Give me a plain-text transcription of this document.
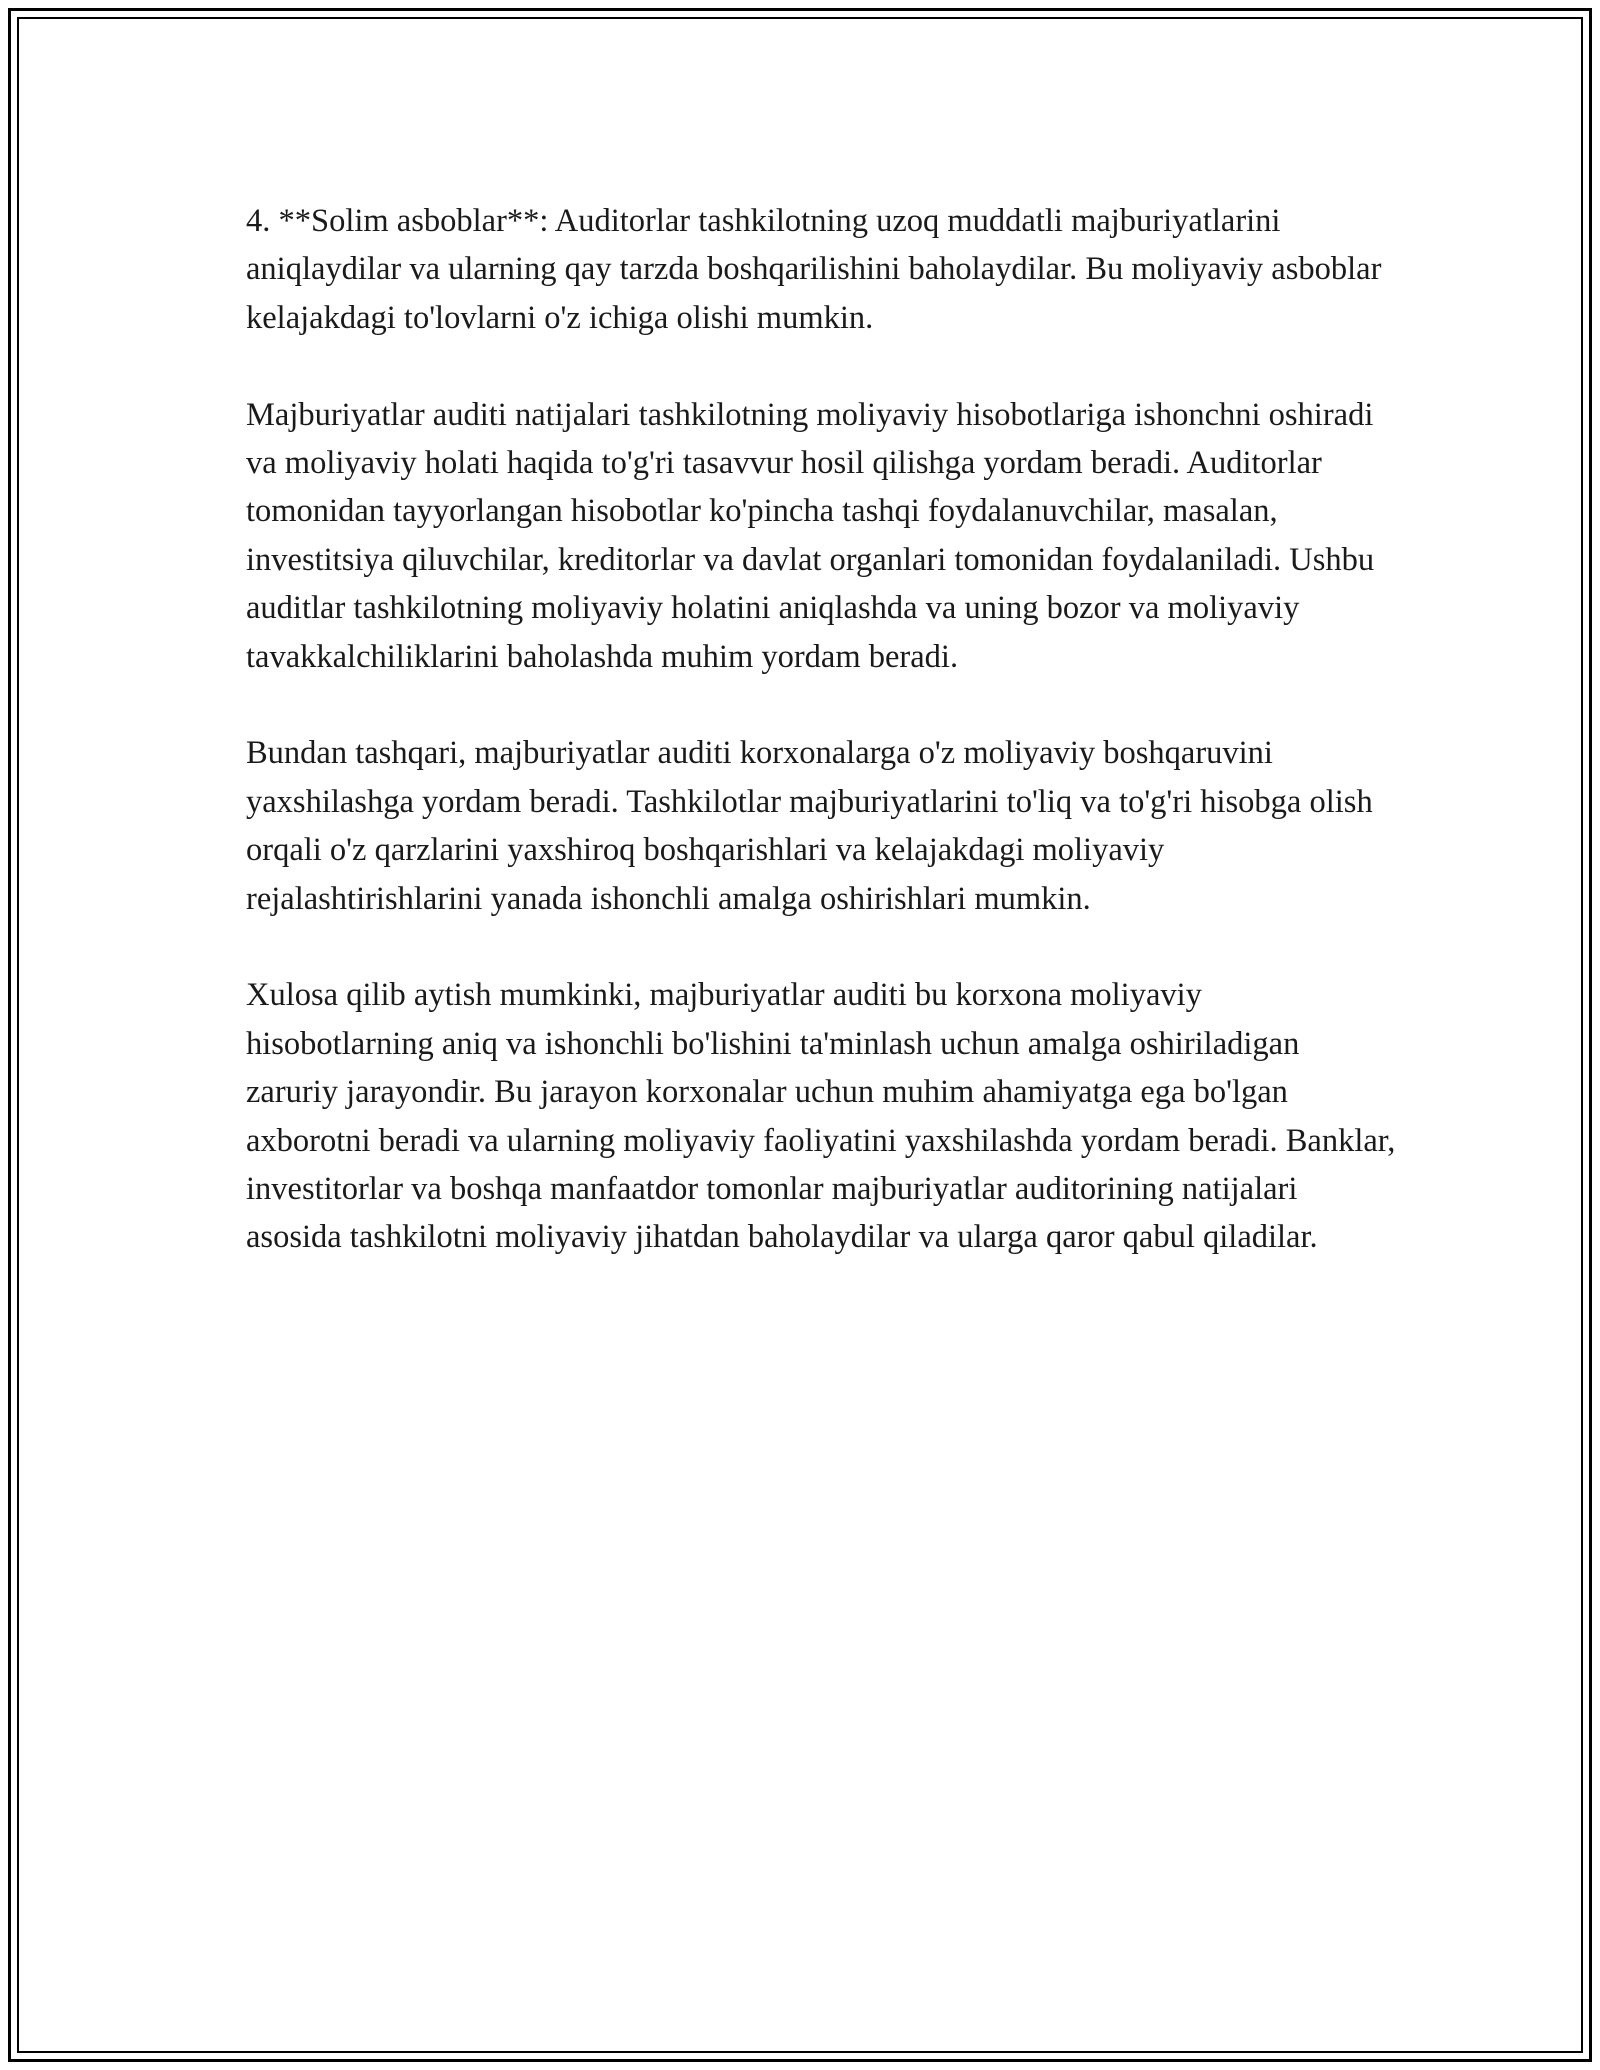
4. **Solim asboblar**: Auditorlar tashkilotning uzoq muddatli majburiyatlarini aniqlaydilar va ularning qay tarzda boshqarilishini baholaydilar. Bu moliyaviy asboblar kelajakdagi to'lovlarni o'z ichiga olishi mumkin.

Majburiyatlar auditi natijalari tashkilotning moliyaviy hisobotlariga ishonchni oshiradi va moliyaviy holati haqida to'g'ri tasavvur hosil qilishga yordam beradi. Auditorlar tomonidan tayyorlangan hisobotlar ko'pincha tashqi foydalanuvchilar, masalan, investitsiya qiluvchilar, kreditorlar va davlat organlari tomonidan foydalaniladi. Ushbu auditlar tashkilotning moliyaviy holatini aniqlashda va uning bozor va moliyaviy tavakkalchiliklarini baholashda muhim yordam beradi.

Bundan tashqari, majburiyatlar auditi korxonalarga o'z moliyaviy boshqaruvini yaxshilashga yordam beradi. Tashkilotlar majburiyatlarini to'liq va to'g'ri hisobga olish orqali o'z qarzlarini yaxshiroq boshqarishlari va kelajakdagi moliyaviy rejalashtirishlarini yanada ishonchli amalga oshirishlari mumkin.

Xulosa qilib aytish mumkinki, majburiyatlar auditi bu korxona moliyaviy hisobotlarning aniq va ishonchli bo'lishini ta'minlash uchun amalga oshiriladigan zaruriy jarayondir. Bu jarayon korxonalar uchun muhim ahamiyatga ega bo'lgan axborotni beradi va ularning moliyaviy faoliyatini yaxshilashda yordam beradi. Banklar, investitorlar va boshqa manfaatdor tomonlar majburiyatlar auditorining natijalari asosida tashkilotni moliyaviy jihatdan baholaydilar va ularga qaror qabul qiladilar.
